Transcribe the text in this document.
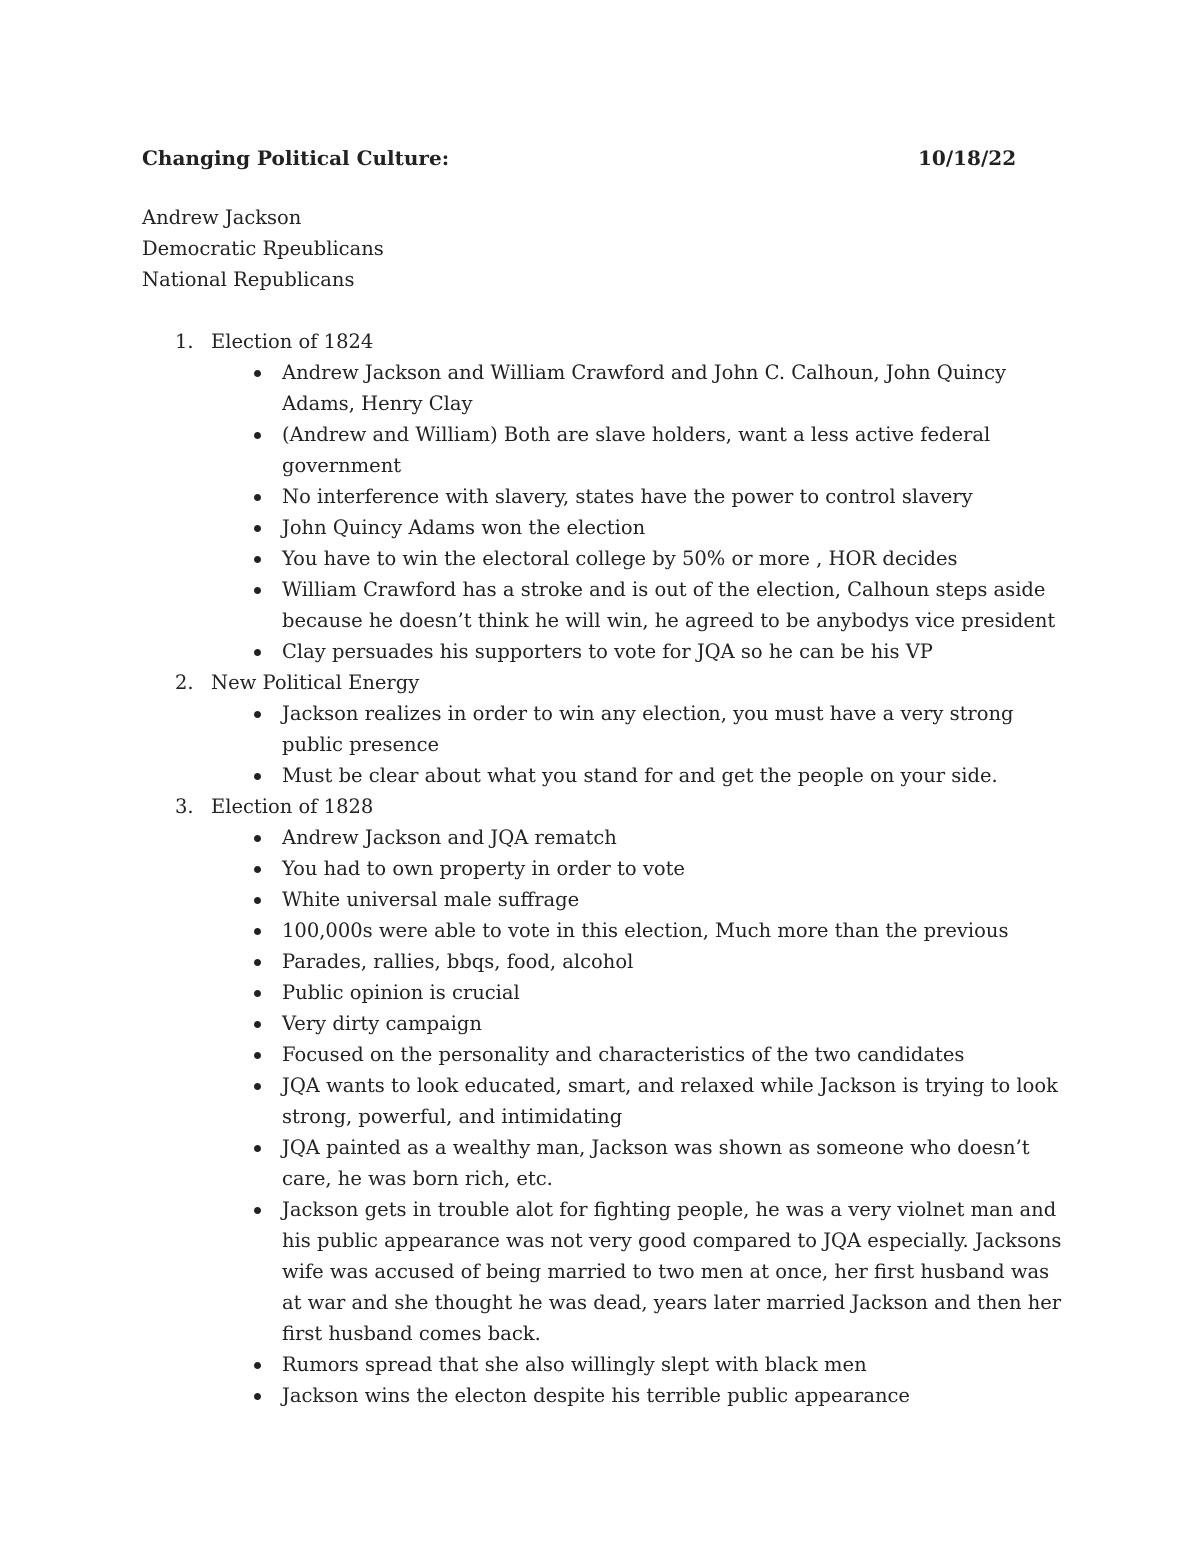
Changing Political Culture:	10/18/22
Andrew Jackson
Democratic Rpeublicans
National Republicans
1. Election of 1824
Andrew Jackson and William Crawford and John C. Calhoun, John Quincy Adams, Henry Clay
(Andrew and William) Both are slave holders, want a less active federal government
No interference with slavery, states have the power to control slavery
John Quincy Adams won the election
You have to win the electoral college by 50% or more , HOR decides
William Crawford has a stroke and is out of the election, Calhoun steps aside because he doesn’t think he will win, he agreed to be anybodys vice president
Clay persuades his supporters to vote for JQA so he can be his VP
2. New Political Energy
Jackson realizes in order to win any election, you must have a very strong public presence
Must be clear about what you stand for and get the people on your side.
3. Election of 1828
Andrew Jackson and JQA rematch
You had to own property in order to vote
White universal male suffrage
100,000s were able to vote in this election, Much more than the previous
Parades, rallies, bbqs, food, alcohol
Public opinion is crucial
Very dirty campaign
Focused on the personality and characteristics of the two candidates
JQA wants to look educated, smart, and relaxed while Jackson is trying to look strong, powerful, and intimidating
JQA painted as a wealthy man, Jackson was shown as someone who doesn’t care, he was born rich, etc.
Jackson gets in trouble alot for fighting people, he was a very violnet man and his public appearance was not very good compared to JQA especially. Jacksons wife was accused of being married to two men at once, her first husband was at war and she thought he was dead, years later married Jackson and then her first husband comes back.
Rumors spread that she also willingly slept with black men
Jackson wins the electon despite his terrible public appearance
